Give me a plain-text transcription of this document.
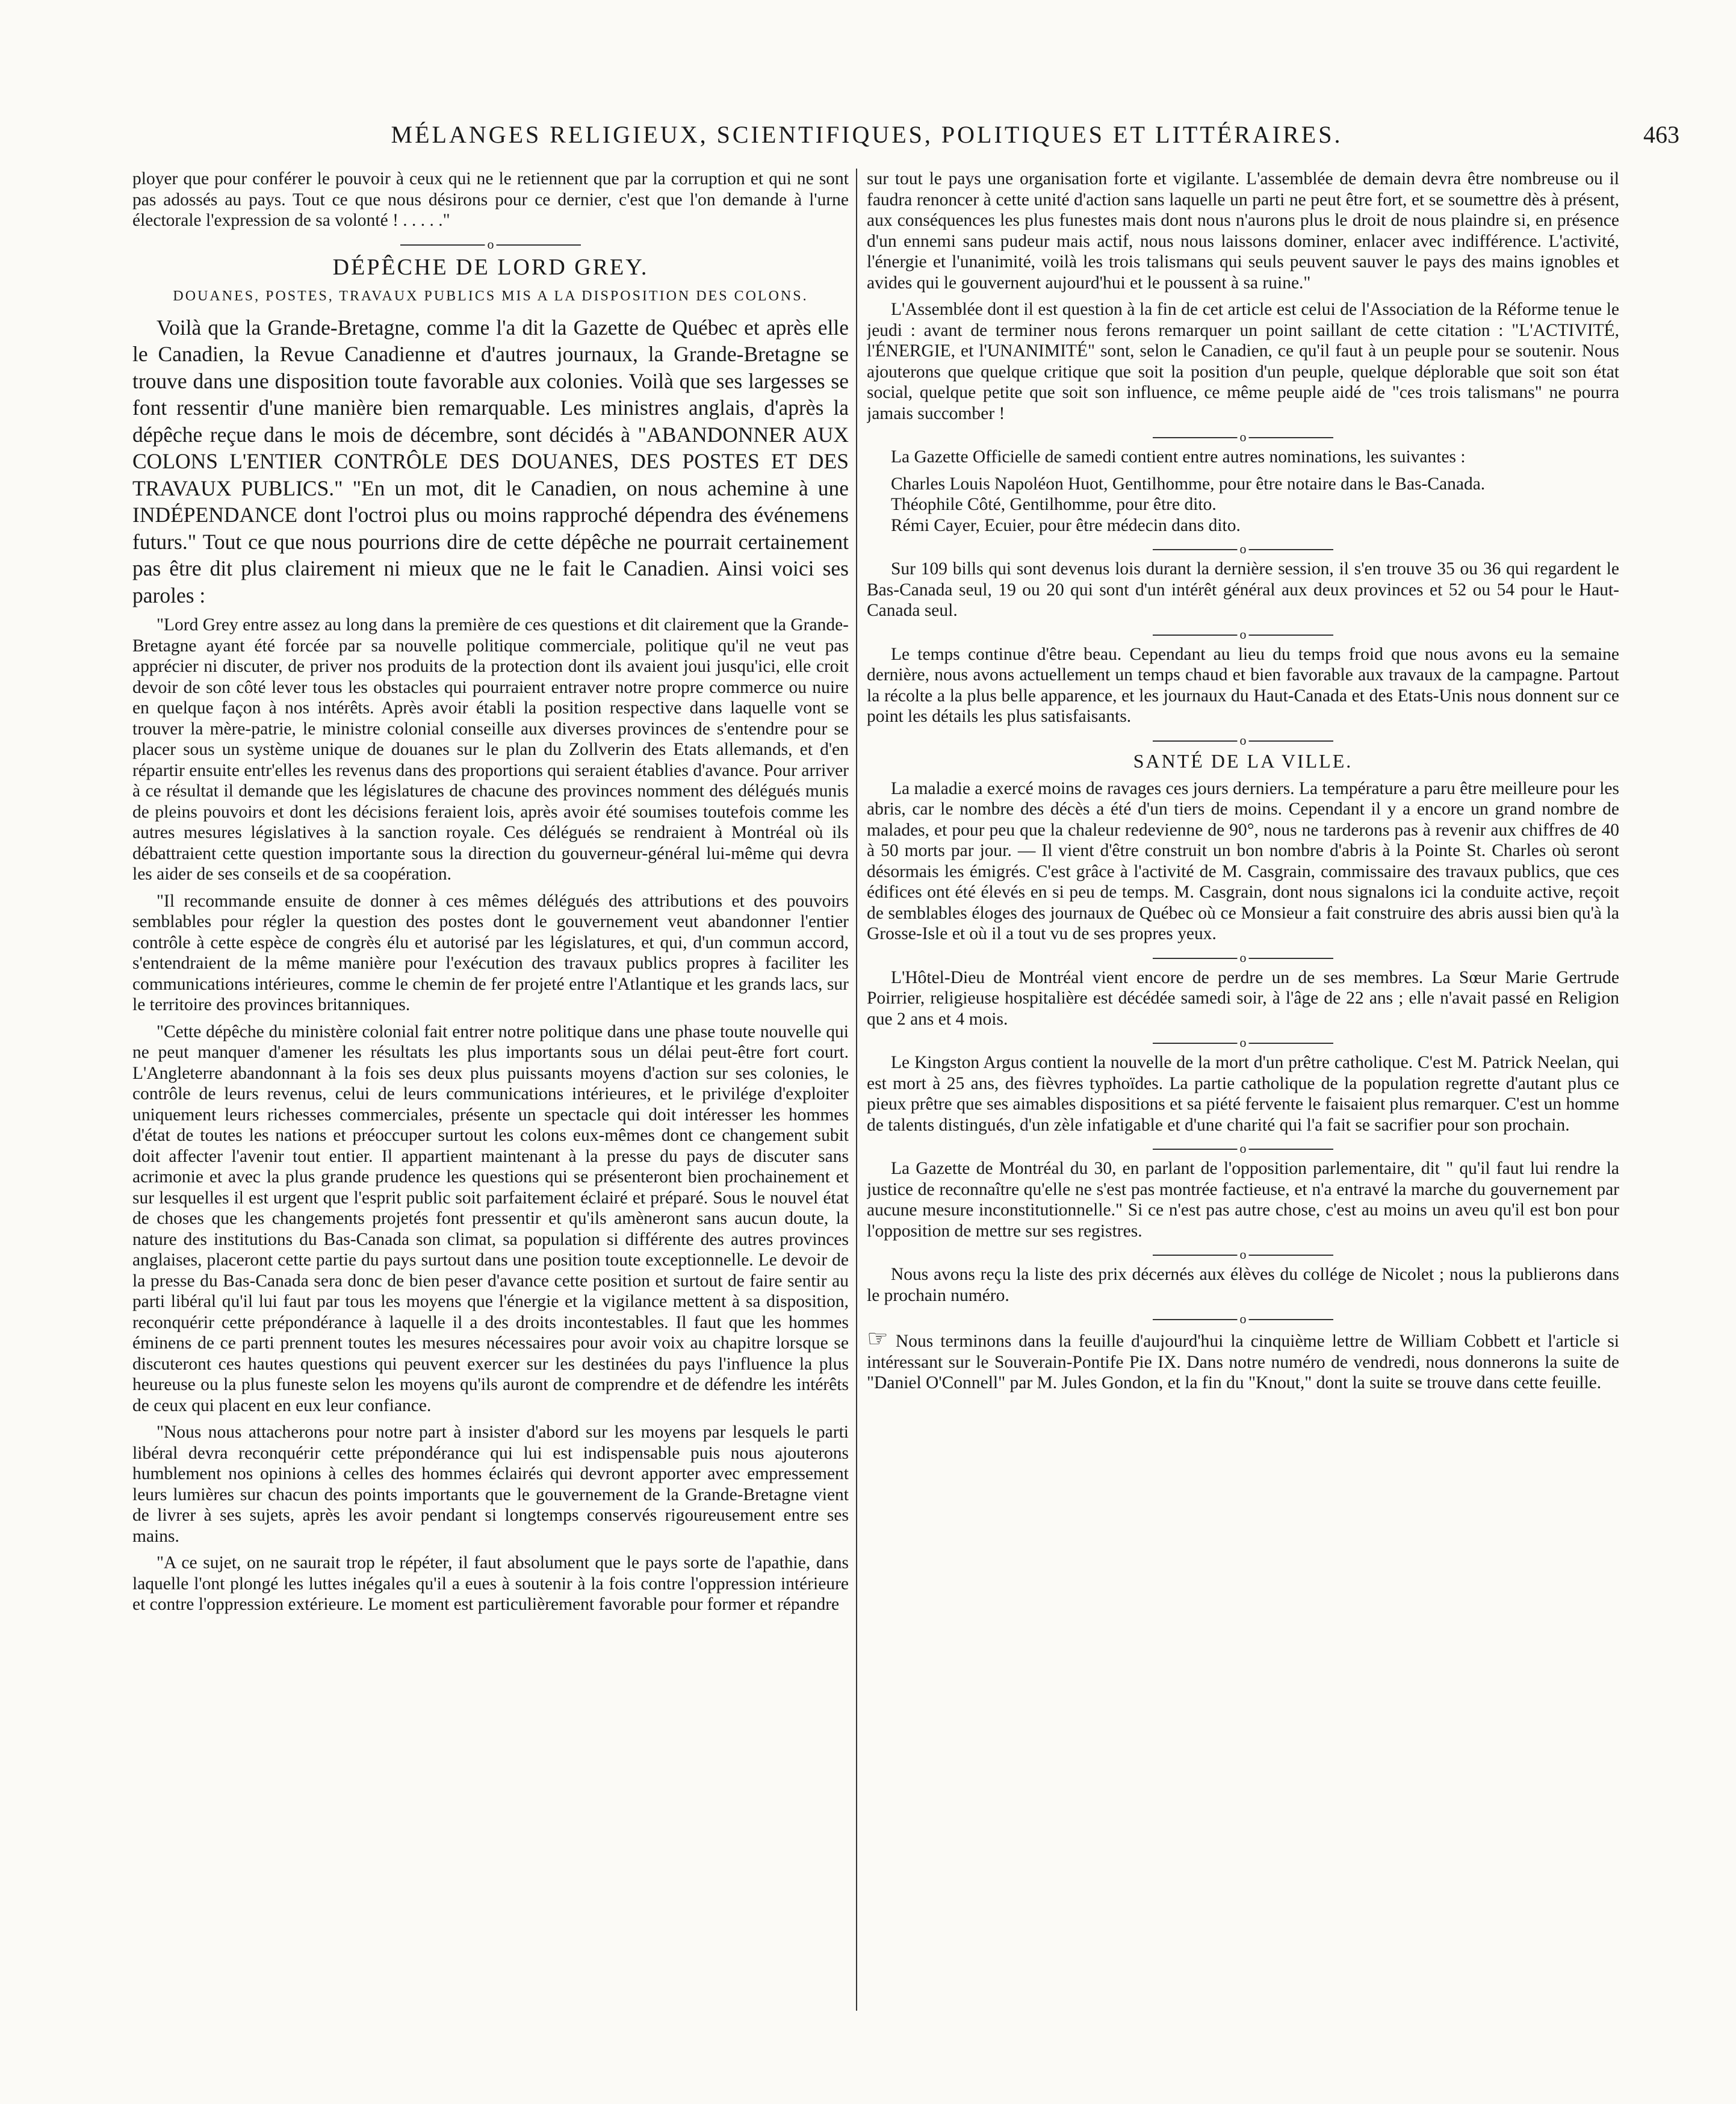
MÉLANGES RELIGIEUX, SCIENTIFIQUES, POLITIQUES ET LITTÉRAIRES.	463

ployer que pour conférer le pouvoir à ceux qui ne le retiennent que par la corruption et qui ne sont pas adossés au pays. Tout ce que nous désirons pour ce dernier, c'est que l'on demande à l'urne électorale l'expression de sa volonté ! . . . . ."

o
DÉPÊCHE DE LORD GREY.
DOUANES, POSTES, TRAVAUX PUBLICS MIS A LA DISPOSITION DES COLONS.

Voilà que la Grande-Bretagne, comme l'a dit la Gazette de Québec et après elle le Canadien, la Revue Canadienne et d'autres journaux, la Grande-Bretagne se trouve dans une disposition toute favorable aux colonies. Voilà que ses largesses se font ressentir d'une manière bien remarquable. Les ministres anglais, d'après la dépêche reçue dans le mois de décembre, sont décidés à "ABANDONNER AUX COLONS L'ENTIER CONTRÔLE DES DOUANES, DES POSTES ET DES TRAVAUX PUBLICS." "En un mot, dit le Canadien, on nous achemine à une INDÉPENDANCE dont l'octroi plus ou moins rapproché dépendra des événemens futurs." Tout ce que nous pourrions dire de cette dépêche ne pourrait certainement pas être dit plus clairement ni mieux que ne le fait le Canadien. Ainsi voici ses paroles :

"Lord Grey entre assez au long dans la première de ces questions et dit clairement que la Grande-Bretagne ayant été forcée par sa nouvelle politique commerciale, politique qu'il ne veut pas apprécier ni discuter, de priver nos produits de la protection dont ils avaient joui jusqu'ici, elle croit devoir de son côté lever tous les obstacles qui pourraient entraver notre propre commerce ou nuire en quelque façon à nos intérêts. Après avoir établi la position respective dans laquelle vont se trouver la mère-patrie, le ministre colonial conseille aux diverses provinces de s'entendre pour se placer sous un système unique de douanes sur le plan du Zollverin des Etats allemands, et d'en répartir ensuite entr'elles les revenus dans des proportions qui seraient établies d'avance. Pour arriver à ce résultat il demande que les législatures de chacune des provinces nomment des délégués munis de pleins pouvoirs et dont les décisions feraient lois, après avoir été soumises toutefois comme les autres mesures législatives à la sanction royale. Ces délégués se rendraient à Montréal où ils débattraient cette question importante sous la direction du gouverneur-général lui-même qui devra les aider de ses conseils et de sa coopération.

"Il recommande ensuite de donner à ces mêmes délégués des attributions et des pouvoirs semblables pour régler la question des postes dont le gouvernement veut abandonner l'entier contrôle à cette espèce de congrès élu et autorisé par les législatures, et qui, d'un commun accord, s'entendraient de la même manière pour l'exécution des travaux publics propres à faciliter les communications intérieures, comme le chemin de fer projeté entre l'Atlantique et les grands lacs, sur le territoire des provinces britanniques.

"Cette dépêche du ministère colonial fait entrer notre politique dans une phase toute nouvelle qui ne peut manquer d'amener les résultats les plus importants sous un délai peut-être fort court. L'Angleterre abandonnant à la fois ses deux plus puissants moyens d'action sur ses colonies, le contrôle de leurs revenus, celui de leurs communications intérieures, et le privilége d'exploiter uniquement leurs richesses commerciales, présente un spectacle qui doit intéresser les hommes d'état de toutes les nations et préoccuper surtout les colons eux-mêmes dont ce changement subit doit affecter l'avenir tout entier. Il appartient maintenant à la presse du pays de discuter sans acrimonie et avec la plus grande prudence les questions qui se présenteront bien prochainement et sur lesquelles il est urgent que l'esprit public soit parfaitement éclairé et préparé. Sous le nouvel état de choses que les changements projetés font pressentir et qu'ils amèneront sans aucun doute, la nature des institutions du Bas-Canada son climat, sa population si différente des autres provinces anglaises, placeront cette partie du pays surtout dans une position toute exceptionnelle. Le devoir de la presse du Bas-Canada sera donc de bien peser d'avance cette position et surtout de faire sentir au parti libéral qu'il lui faut par tous les moyens que l'énergie et la vigilance mettent à sa disposition, reconquérir cette prépondérance à laquelle il a des droits incontestables. Il faut que les hommes éminens de ce parti prennent toutes les mesures nécessaires pour avoir voix au chapitre lorsque se discuteront ces hautes questions qui peuvent exercer sur les destinées du pays l'influence la plus heureuse ou la plus funeste selon les moyens qu'ils auront de comprendre et de défendre les intérêts de ceux qui placent en eux leur confiance.

"Nous nous attacherons pour notre part à insister d'abord sur les moyens par lesquels le parti libéral devra reconquérir cette prépondérance qui lui est indispensable puis nous ajouterons humblement nos opinions à celles des hommes éclairés qui devront apporter avec empressement leurs lumières sur chacun des points importants que le gouvernement de la Grande-Bretagne vient de livrer à ses sujets, après les avoir pendant si longtemps conservés rigoureusement entre ses mains.

"A ce sujet, on ne saurait trop le répéter, il faut absolument que le pays sorte de l'apathie, dans laquelle l'ont plongé les luttes inégales qu'il a eues à soutenir à la fois contre l'oppression intérieure et contre l'oppression extérieure. Le moment est particulièrement favorable pour former et répandre

sur tout le pays une organisation forte et vigilante. L'assemblée de demain devra être nombreuse ou il faudra renoncer à cette unité d'action sans laquelle un parti ne peut être fort, et se soumettre dès à présent, aux conséquences les plus funestes mais dont nous n'aurons plus le droit de nous plaindre si, en présence d'un ennemi sans pudeur mais actif, nous nous laissons dominer, enlacer avec indifférence. L'activité, l'énergie et l'unanimité, voilà les trois talismans qui seuls peuvent sauver le pays des mains ignobles et avides qui le gouvernent aujourd'hui et le poussent à sa ruine."

L'Assemblée dont il est question à la fin de cet article est celui de l'Association de la Réforme tenue le jeudi : avant de terminer nous ferons remarquer un point saillant de cette citation : "L'ACTIVITÉ, l'ÉNERGIE, et l'UNANIMITÉ" sont, selon le Canadien, ce qu'il faut à un peuple pour se soutenir. Nous ajouterons que quelque critique que soit la position d'un peuple, quelque déplorable que soit son état social, quelque petite que soit son influence, ce même peuple aidé de "ces trois talismans" ne pourra jamais succomber !

o

La Gazette Officielle de samedi contient entre autres nominations, les suivantes :

Charles Louis Napoléon Huot, Gentilhomme, pour être notaire dans le Bas-Canada.
Théophile Côté, Gentilhomme, pour être dito.
Rémi Cayer, Ecuier, pour être médecin dans dito.

o

Sur 109 bills qui sont devenus lois durant la dernière session, il s'en trouve 35 ou 36 qui regardent le Bas-Canada seul, 19 ou 20 qui sont d'un intérêt général aux deux provinces et 52 ou 54 pour le Haut-Canada seul.

o

Le temps continue d'être beau. Cependant au lieu du temps froid que nous avons eu la semaine dernière, nous avons actuellement un temps chaud et bien favorable aux travaux de la campagne. Partout la récolte a la plus belle apparence, et les journaux du Haut-Canada et des Etats-Unis nous donnent sur ce point les détails les plus satisfaisants.

o
SANTÉ DE LA VILLE.

La maladie a exercé moins de ravages ces jours derniers. La température a paru être meilleure pour les abris, car le nombre des décès a été d'un tiers de moins. Cependant il y a encore un grand nombre de malades, et pour peu que la chaleur redevienne de 90°, nous ne tarderons pas à revenir aux chiffres de 40 à 50 morts par jour. — Il vient d'être construit un bon nombre d'abris à la Pointe St. Charles où seront désormais les émigrés. C'est grâce à l'activité de M. Casgrain, commissaire des travaux publics, que ces édifices ont été élevés en si peu de temps. M. Casgrain, dont nous signalons ici la conduite active, reçoit de semblables éloges des journaux de Québec où ce Monsieur a fait construire des abris aussi bien qu'à la Grosse-Isle et où il a tout vu de ses propres yeux.

o

L'Hôtel-Dieu de Montréal vient encore de perdre un de ses membres. La Sœur Marie Gertrude Poirrier, religieuse hospitalière est décédée samedi soir, à l'âge de 22 ans ; elle n'avait passé en Religion que 2 ans et 4 mois.

o

Le Kingston Argus contient la nouvelle de la mort d'un prêtre catholique. C'est M. Patrick Neelan, qui est mort à 25 ans, des fièvres typhoïdes. La partie catholique de la population regrette d'autant plus ce pieux prêtre que ses aimables dispositions et sa piété fervente le faisaient plus remarquer. C'est un homme de talents distingués, d'un zèle infatigable et d'une charité qui l'a fait se sacrifier pour son prochain.

o

La Gazette de Montréal du 30, en parlant de l'opposition parlementaire, dit " qu'il faut lui rendre la justice de reconnaître qu'elle ne s'est pas montrée factieuse, et n'a entravé la marche du gouvernement par aucune mesure inconstitutionnelle." Si ce n'est pas autre chose, c'est au moins un aveu qu'il est bon pour l'opposition de mettre sur ses registres.

o

Nous avons reçu la liste des prix décernés aux élèves du collége de Nicolet ; nous la publierons dans le prochain numéro.

o

☞ Nous terminons dans la feuille d'aujourd'hui la cinquième lettre de William Cobbett et l'article si intéressant sur le Souverain-Pontife Pie IX. Dans notre numéro de vendredi, nous donnerons la suite de "Daniel O'Connell" par M. Jules Gondon, et la fin du "Knout," dont la suite se trouve dans cette feuille.
